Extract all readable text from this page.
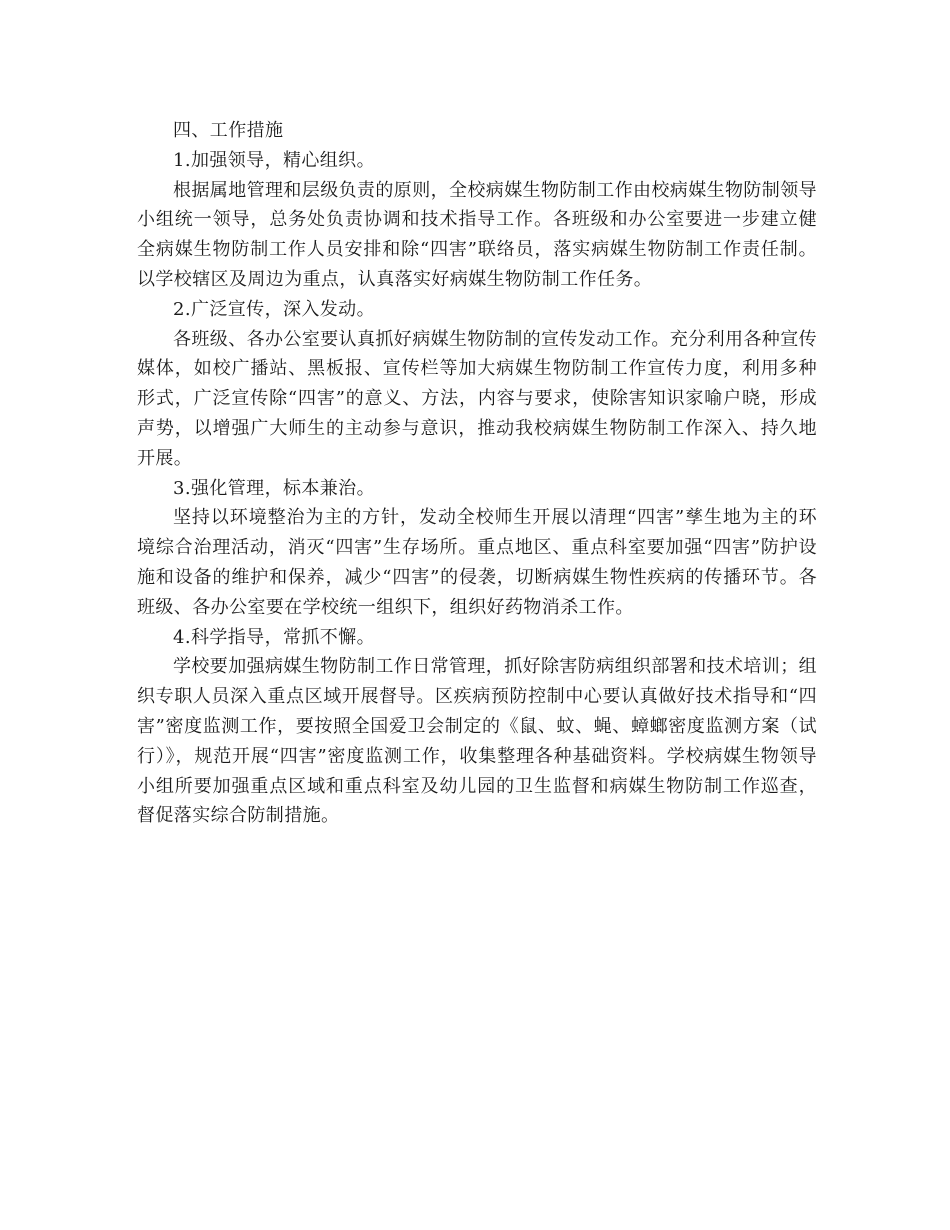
四、工作措施

1.加强领导，精心组织。

根据属地管理和层级负责的原则，全校病媒生物防制工作由校病媒生物防制领导小组统一领导，总务处负责协调和技术指导工作。各班级和办公室要进一步建立健全病媒生物防制工作人员安排和除“四害”联络员，落实病媒生物防制工作责任制。以学校辖区及周边为重点，认真落实好病媒生物防制工作任务。

2.广泛宣传，深入发动。

各班级、各办公室要认真抓好病媒生物防制的宣传发动工作。充分利用各种宣传媒体，如校广播站、黑板报、宣传栏等加大病媒生物防制工作宣传力度，利用多种形式，广泛宣传除“四害”的意义、方法，内容与要求，使除害知识家喻户晓，形成声势，以增强广大师生的主动参与意识，推动我校病媒生物防制工作深入、持久地开展。

3.强化管理，标本兼治。

坚持以环境整治为主的方针，发动全校师生开展以清理“四害”孳生地为主的环境综合治理活动，消灭“四害”生存场所。重点地区、重点科室要加强“四害”防护设施和设备的维护和保养，减少“四害”的侵袭，切断病媒生物性疾病的传播环节。各班级、各办公室要在学校统一组织下，组织好药物消杀工作。

4.科学指导，常抓不懈。

学校要加强病媒生物防制工作日常管理，抓好除害防病组织部署和技术培训；组织专职人员深入重点区域开展督导。区疾病预防控制中心要认真做好技术指导和“四害”密度监测工作，要按照全国爱卫会制定的《鼠、蚊、蝇、蟑螂密度监测方案（试行）》，规范开展“四害”密度监测工作，收集整理各种基础资料。学校病媒生物领导小组所要加强重点区域和重点科室及幼儿园的卫生监督和病媒生物防制工作巡查，督促落实综合防制措施。
